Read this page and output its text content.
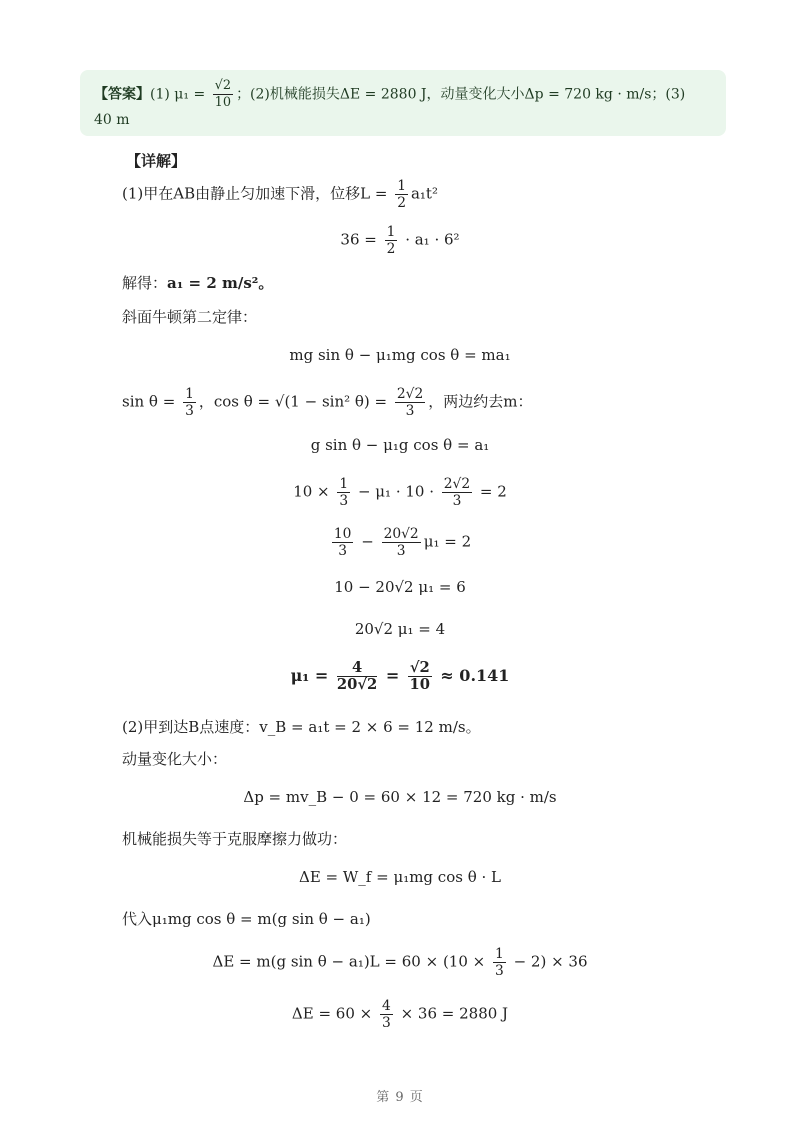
【答案】(1) $\mu_1 = \frac{√2}{10}$ ；(2)机械能损失ΔE = 2880 J，动量变化大小Δp = 720 kg · m/s；(3)
40 m
【详解】
(1)甲在AB由静止匀加速下滑，位移$L = \frac{1}{2} a_1t^2$
$36 = \frac{1}{2} \cdot a_1 \cdot 6^2$
解得：a₁ = 2 m/s²。
斜面牛顿第二定律：
mg sin θ − μ₁mg cos θ = ma₁
$\sin \theta = \frac{1}{3}$ ，cos θ = √(1 − sin² $\theta) = \frac{2√2}{3}$ ，两边约去m：
g sin θ − μ₁g cos θ = a₁
$10 \times \frac{1}{3} - \mu_1 \cdot 10 \cdot \frac{2√2}{3} = 2$
$\frac{10}{3} - \frac{20√2}{3} \mu_1 = 2$
10 − 20√2 μ₁ = 6
20√2 μ₁ = 4
$\mu_1 = \frac{4}{20√2} = \frac{√2}{10} \approx 0.141$
(2)甲到达B点速度：v_B = a₁t = 2 × 6 = 12 m/s。
动量变化大小：
Δp = mv_B − 0 = 60 × 12 = 720 kg · m/s
机械能损失等于克服摩擦力做功：
ΔE = W_f = μ₁mg cos θ · L
代入μ₁mg cos θ = m(g sin θ − a₁)
ΔE = m(g $\sin \theta - a_1)L = 60 \times (10 \times \frac{1}{3} - 2) \times 36$
$\Delta E = 60 \times \frac{4}{3} \times 36 = 2880$ J
第 9 页
